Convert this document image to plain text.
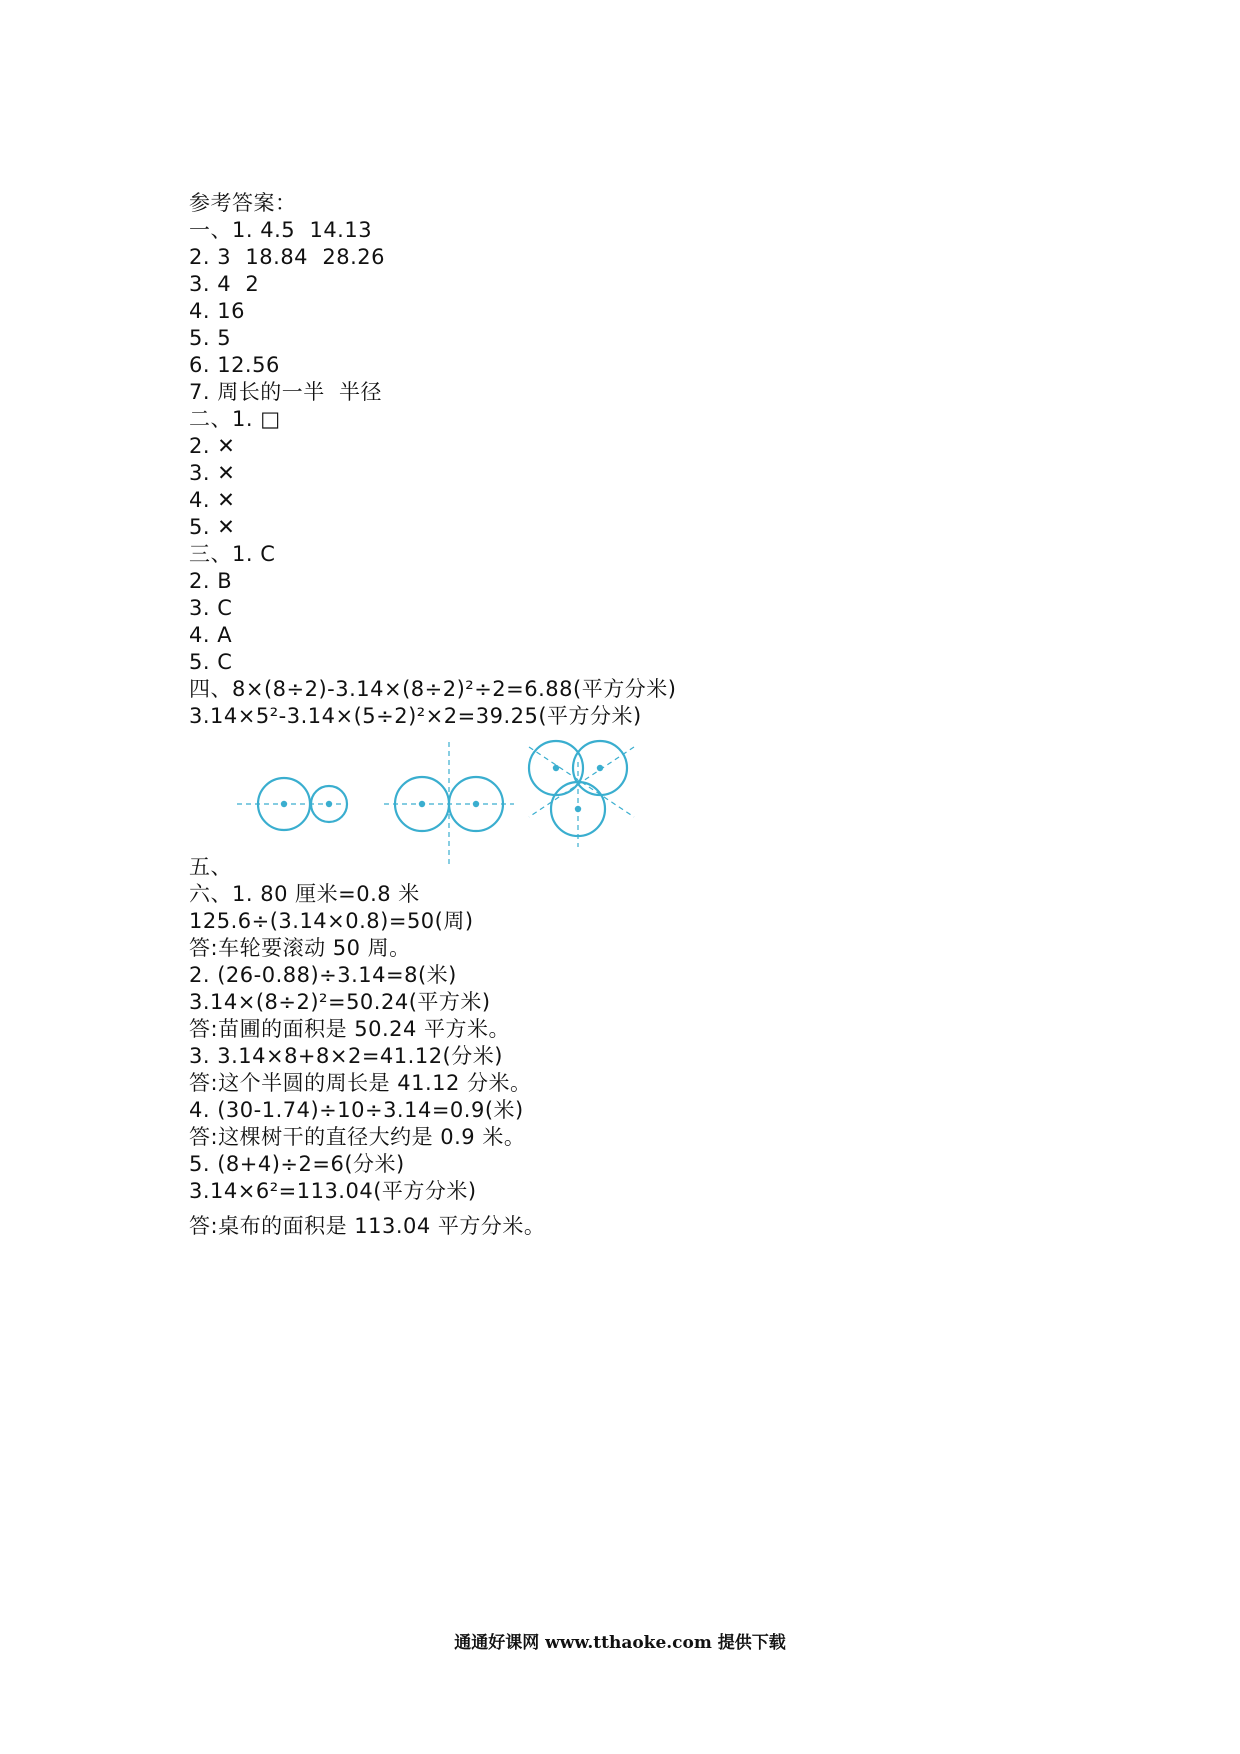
参考答案：
一、1. 4.5  14.13
2. 3  18.84  28.26
3. 4  2
4. 16
5. 5
6. 12.56
7. 周长的一半  半径
二、1. □
2. ✕
3. ✕
4. ✕
5. ✕
三、1. C
2. B
3. C
4. A
5. C
四、8×(8÷2)-3.14×(8÷2)²÷2=6.88(平方分米)
3.14×5²-3.14×(5÷2)²×2=39.25(平方分米)
五、
六、1. 80 厘米=0.8 米
125.6÷(3.14×0.8)=50(周)
答:车轮要滚动 50 周。
2. (26-0.88)÷3.14=8(米)
3.14×(8÷2)²=50.24(平方米)
答:苗圃的面积是 50.24 平方米。
3. 3.14×8+8×2=41.12(分米)
答:这个半圆的周长是 41.12 分米。
4. (30-1.74)÷10÷3.14=0.9(米)
答:这棵树干的直径大约是 0.9 米。
5. (8+4)÷2=6(分米)
3.14×6²=113.04(平方分米)
答:桌布的面积是 113.04 平方分米。
通通好课网 www.tthaoke.com 提供下载
